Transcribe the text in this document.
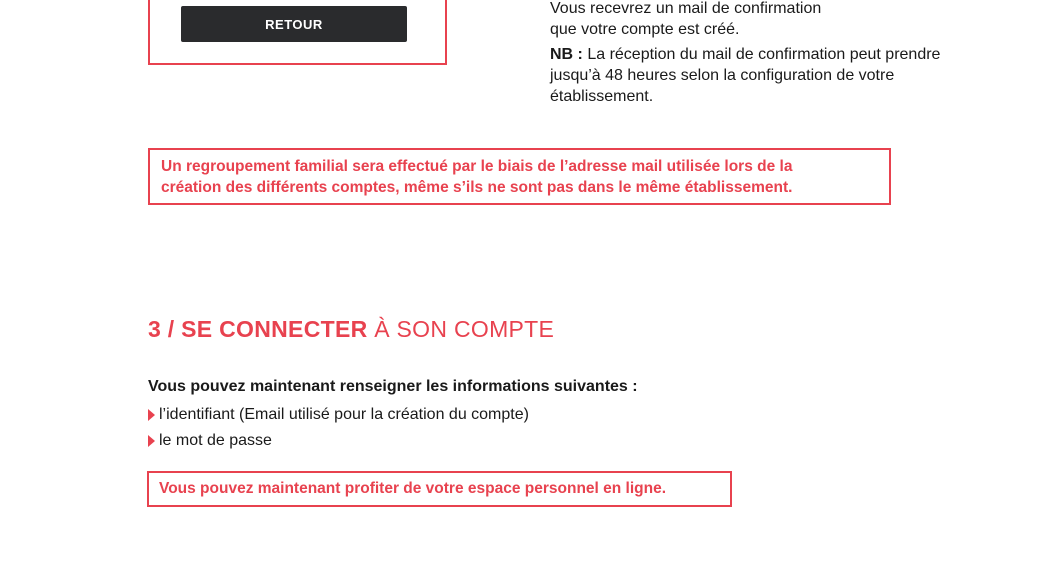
RETOUR

Vous recevrez un mail de confirmation

que votre compte est créé.

NB : La réception du mail de confirmation peut prendre jusqu’à 48 heures selon la configuration de votre établissement.

Un regroupement familial sera effectué par le biais de l’adresse mail utilisée lors de la

création des différents comptes, même s’ils ne sont pas dans le même établissement.

3 / SE CONNECTER À SON COMPTE

Vous pouvez maintenant renseigner les informations suivantes :

l’identifiant (Email utilisé pour la création du compte)
le mot de passe

Vous pouvez maintenant profiter de votre espace personnel en ligne.
